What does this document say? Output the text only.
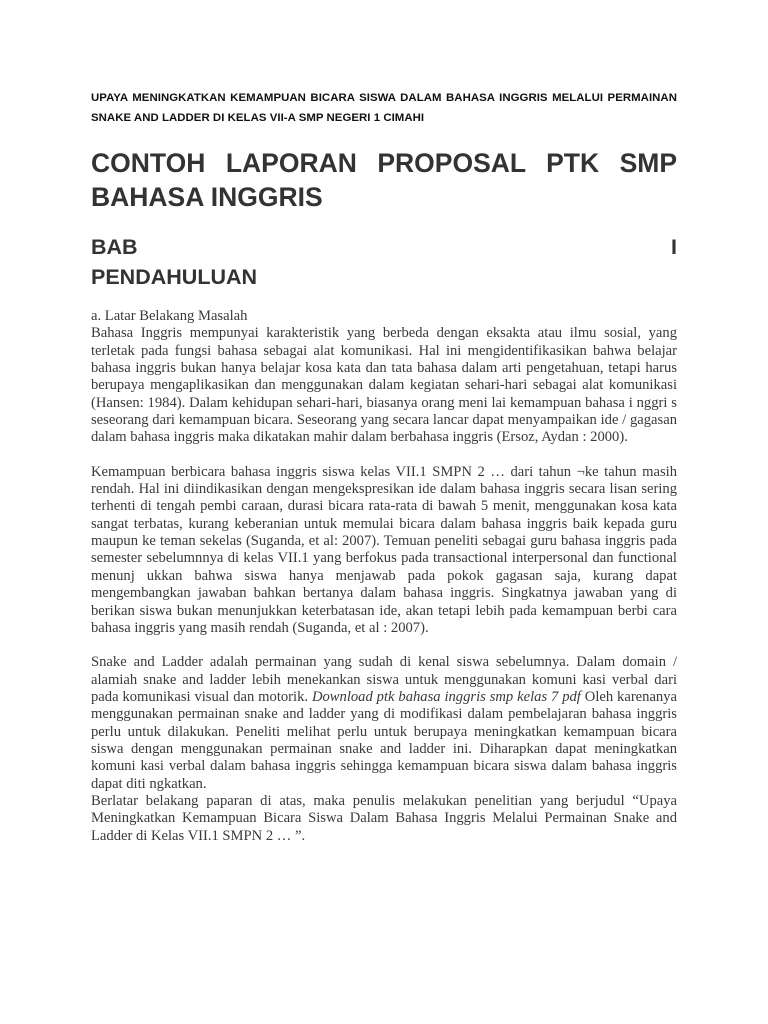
UPAYA MENINGKATKAN KEMAMPUAN BICARA SISWA DALAM BAHASA INGGRIS MELALUI PERMAINAN SNAKE AND LADDER DI KELAS VII-A SMP NEGERI 1 CIMAHI
CONTOH LAPORAN PROPOSAL PTK SMP
BAHASA INGGRIS
BAB	I
PENDAHULUAN

a. Latar Belakang Masalah

Bahasa Inggris mempunyai karakteristik yang berbeda dengan eksakta atau ilmu sosial, yang terletak pada fungsi bahasa sebagai alat komunikasi. Hal ini mengidentifikasikan bahwa belajar bahasa inggris bukan hanya belajar kosa kata dan tata bahasa dalam arti pengetahuan, tetapi harus berupaya mengaplikasikan dan menggunakan dalam kegiatan sehari-hari sebagai alat komunikasi (Hansen: 1984). Dalam kehidupan sehari-hari, biasanya orang meni lai kemampuan bahasa i nggri s seseorang dari kemampuan bicara. Seseorang yang secara lancar dapat menyampaikan ide / gagasan dalam bahasa inggris maka dikatakan mahir dalam berbahasa inggris (Ersoz, Aydan : 2000).

Kemampuan berbicara bahasa inggris siswa kelas VII.1 SMPN 2 … dari tahun ¬ke tahun masih rendah. Hal ini diindikasikan dengan mengekspresikan ide dalam bahasa inggris secara lisan sering terhenti di tengah pembi caraan, durasi bicara rata-rata di bawah 5 menit, menggunakan kosa kata sangat terbatas, kurang keberanian untuk memulai bicara dalam bahasa inggris baik kepada guru maupun ke teman sekelas (Suganda, et al: 2007). Temuan peneliti sebagai guru bahasa inggris pada semester sebelumnnya di kelas VII.1 yang berfokus pada transactional interpersonal dan functional menunj ukkan bahwa siswa hanya menjawab pada pokok gagasan saja, kurang dapat mengembangkan jawaban bahkan bertanya dalam bahasa inggris. Singkatnya jawaban yang di berikan siswa bukan menunjukkan keterbatasan ide, akan tetapi lebih pada kemampuan berbi cara bahasa inggris yang masih rendah (Suganda, et al : 2007).

Snake and Ladder adalah permainan yang sudah di kenal siswa sebelumnya. Dalam domain / alamiah snake and ladder lebih menekankan siswa untuk menggunakan komuni kasi verbal dari pada komunikasi visual dan motorik. Download ptk bahasa inggris smp kelas 7 pdf Oleh karenanya menggunakan permainan snake and ladder yang di modifikasi dalam pembelajaran bahasa inggris perlu untuk dilakukan. Peneliti melihat perlu untuk berupaya meningkatkan kemampuan bicara siswa dengan menggunakan permainan snake and ladder ini. Diharapkan dapat meningkatkan komuni kasi verbal dalam bahasa inggris sehingga kemampuan bicara siswa dalam bahasa inggris dapat diti ngkatkan.

Berlatar belakang paparan di atas, maka penulis melakukan penelitian yang berjudul “Upaya Meningkatkan Kemampuan Bicara Siswa Dalam Bahasa Inggris Melalui Permainan Snake and Ladder di Kelas VII.1 SMPN 2 … ”.
